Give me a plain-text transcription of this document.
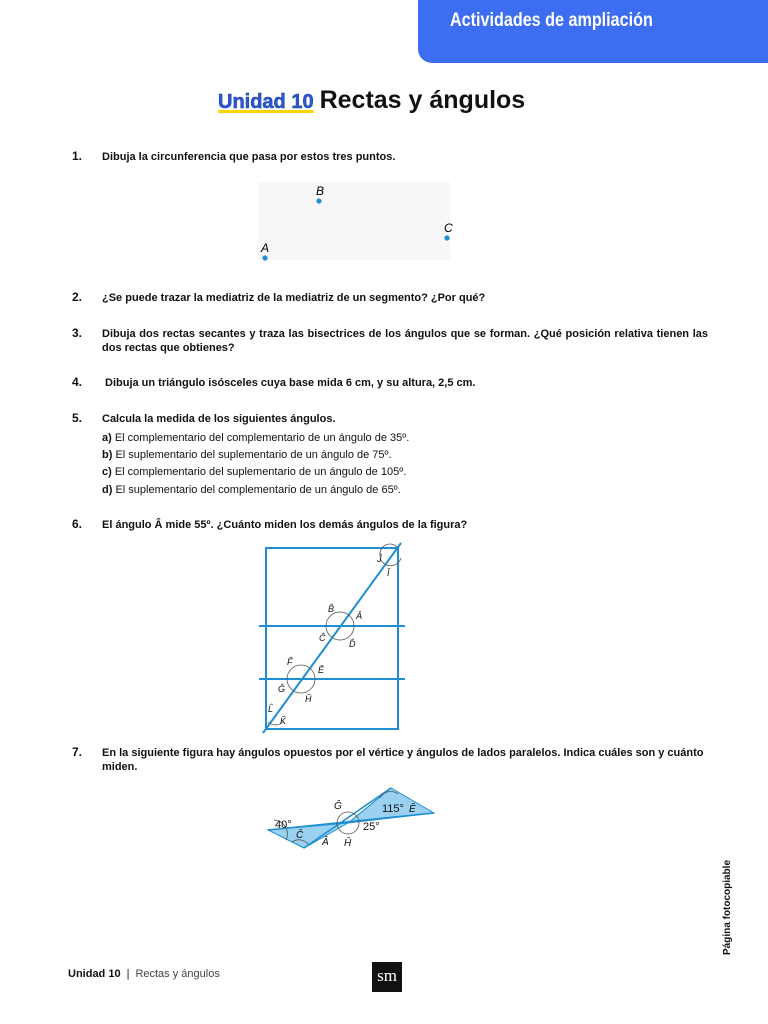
Actividades de ampliación
Unidad 10 Rectas y ángulos
1. Dibuja la circunferencia que pasa por estos tres puntos.
B
C
A
2. ¿Se puede trazar la mediatriz de la mediatriz de un segmento? ¿Por qué?
3. Dibuja dos rectas secantes y traza las bisectrices de los ángulos que se forman. ¿Qué posición relativa tienen las dos rectas que obtienes?
4. Dibuja un triángulo isósceles cuya base mida 6 cm, y su altura, 2,5 cm.
5. Calcula la medida de los siguientes ángulos.
a) El complementario del complementario de un ángulo de 35º.
b) El suplementario del suplementario de un ángulo de 75º.
c) El complementario del suplementario de un ángulo de 105º.
d) El suplementario del complementario de un ángulo de 65º.
6. El ángulo Â mide 55º. ¿Cuánto miden los demás ángulos de la figura?
Ĵ
Î
B̂
Â
Ĉ
D̂
F̂
Ê
Ĝ
Ĥ
L̂
K̂
7. En la siguiente figura hay ángulos opuestos por el vértice y ángulos de lados paralelos. Indica cuáles son y cuánto miden.
40°
Ĉ
Ĝ
Â Ĥ
115° Ê
25°
Página fotocopiable
Unidad 10 | Rectas y ángulos	sm
